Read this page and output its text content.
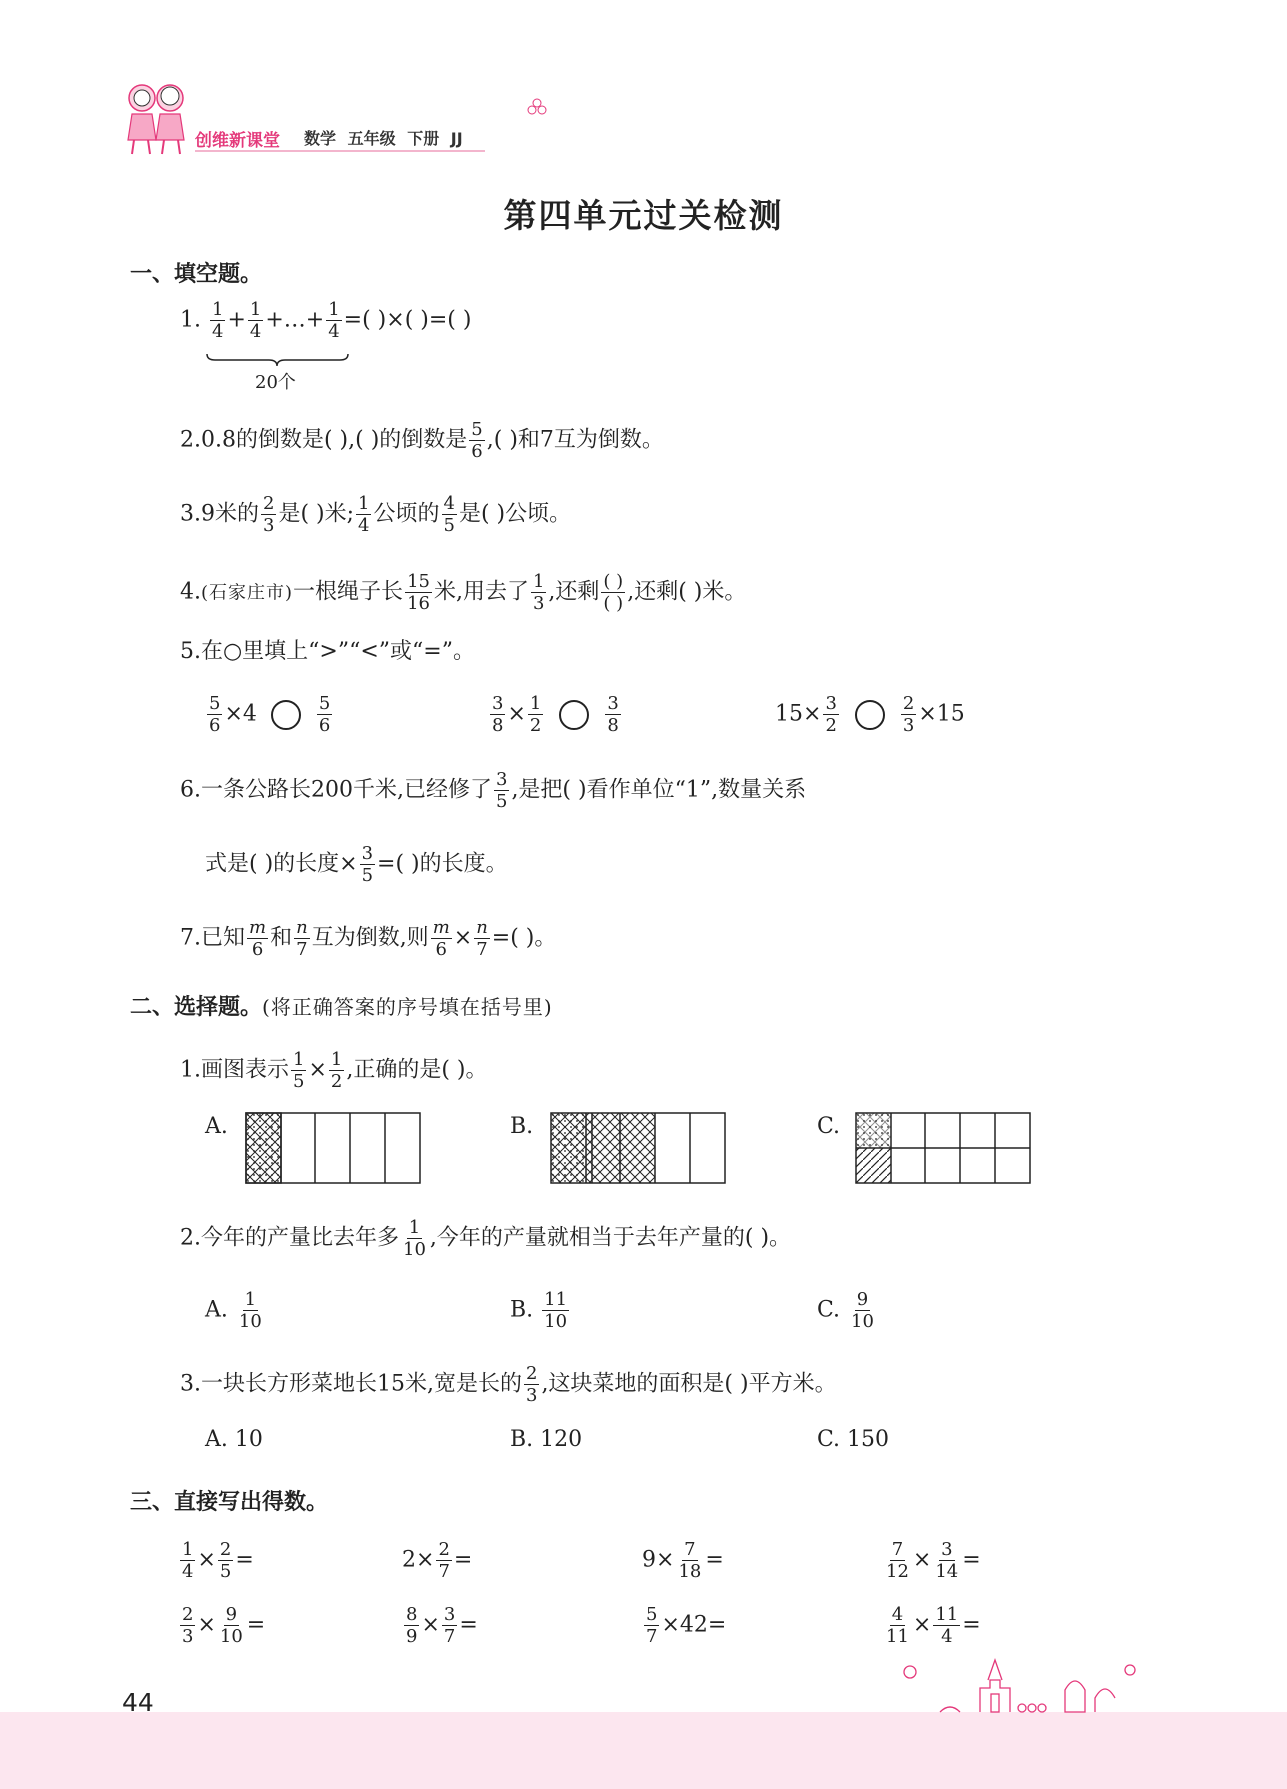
创维新课堂 数学 五年级 下册 JJ
第四单元过关检测
一、填空题。
1. $\frac{1}{4} + \frac{1}{4}$ +…+ $\frac{1}{4}$ =( )×( )=( )
20个
2.0.8的倒数是( ),( )的倒数是 $\frac{5}{6}$ ,( )和7互为倒数。
3.9米的 $\frac{2}{3}$ 是( )米; $\frac{1}{4}$ 公顷的 $\frac{4}{5}$ 是( )公顷。
4.(石家庄市)一根绳子长 $\frac{15}{16}$ 米,用去了 $\frac{1}{3}$ ,还剩 ( )
( ) ,还剩( )米。
5.在○里填上“>”“<”或“=”。
$\frac{5}{6} \times 4$	$\frac{5}{6}$	$\frac{3}{8} \times \frac{1}{2}$	$\frac{3}{8}$	$15\times \frac{3}{2}$	$\frac{2}{3} \times 15$
6.一条公路长200千米,已经修了 $\frac{3}{5}$ ,是把( )看作单位“1”,数量关系
式是( )的长度× $\frac{3}{5}$ =( )的长度。
7.已知 $\frac{m}{6}$ 和 $\frac{n}{7}$ 互为倒数,则 $\frac{m}{6} \times \frac{n}{7}$ =( )。
二、选择题。(将正确答案的序号填在括号里)
1.画图表示 $\frac{1}{5} \times \frac{1}{2}$ ,正确的是( )。
A.	B.	C.
2.今年的产量比去年多 $\frac{1}{10}$ ,今年的产量就相当于去年产量的( )。
A. $\frac{1}{10}$	B. $\frac{11}{10}$	C. $\frac{9}{10}$
3.一块长方形菜地长15米,宽是长的 $\frac{2}{3}$ ,这块菜地的面积是( )平方米。
A. 10	B. 120	C. 150
三、直接写出得数。
$\frac{1}{4} \times \frac{2}{5}$ =	$2\times \frac{2}{7}$ =	$9\times \frac{7}{18}$ =	$\frac{7}{12} \times \frac{3}{14}$ =
$\frac{2}{3} \times \frac{9}{10}$ =	$\frac{8}{9} \times \frac{3}{7}$ =	$\frac{5}{7} \times 42=$	$\frac{4}{11} \times \frac{11}{4}$ =
44
